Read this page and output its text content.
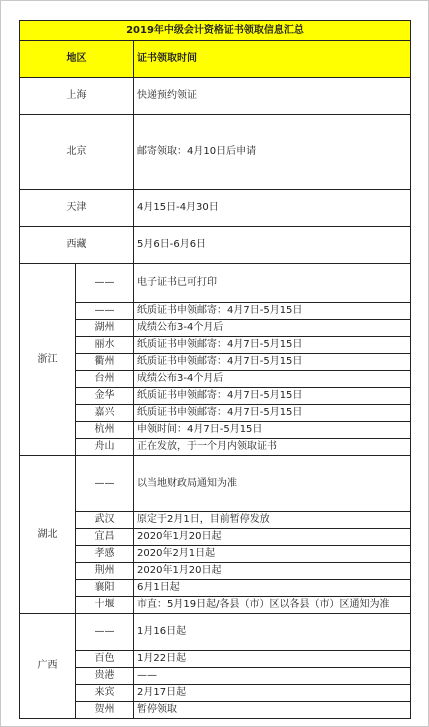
2019年中级会计资格证书领取信息汇总		
地区		证书领取时间
上海		快递预约领证
北京		邮寄领取：4月10日后申请
天津		4月15日-4月30日
西藏		5月6日-6月6日
浙江	——	电子证书已可打印
	——	纸质证书申领邮寄：4月7日-5月15日
	湖州	成绩公布3-4个月后
	丽水	纸质证书申领邮寄：4月7日-5月15日
	衢州	纸质证书申领邮寄：4月7日-5月15日
	台州	成绩公布3-4个月后
	金华	纸质证书申领邮寄：4月7日-5月15日
	嘉兴	纸质证书申领邮寄：4月7日-5月15日
	杭州	申领时间：4月7日-5月15日
	舟山	正在发放，于一个月内领取证书
湖北	——	以当地财政局通知为准
	武汉	原定于2月1日，目前暂停发放
	宜昌	2020年1月20日起
	孝感	2020年2月1日起
	荆州	2020年1月20日起
	襄阳	6月1日起
	十堰	市直：5月19日起/各县（市）区以各县（市）区通知为准
广西	——	1月16日起
	百色	1月22日起
	贵港	——
	来宾	2月17日起
	贺州	暂停领取
